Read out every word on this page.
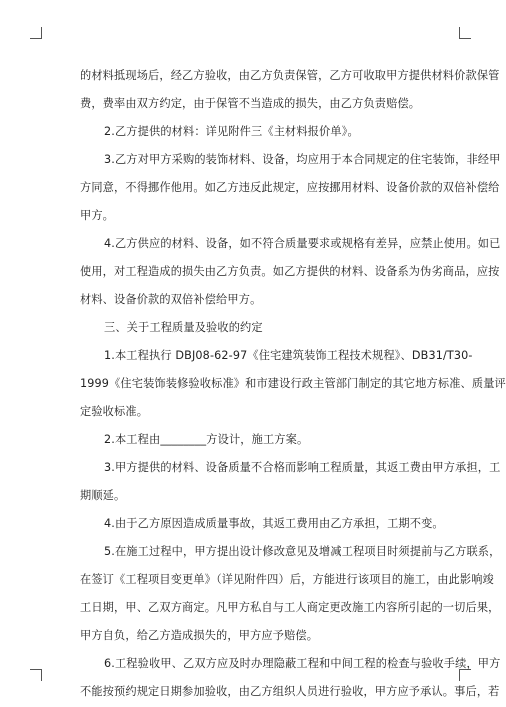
的材料抵现场后，经乙方验收，由乙方负责保管，乙方可收取甲方提供材料价款保管
费，费率由双方约定，由于保管不当造成的损失，由乙方负责赔偿。
2.乙方提供的材料：详见附件三《主材料报价单》。
3.乙方对甲方采购的装饰材料、设备，均应用于本合同规定的住宅装饰，非经甲
方同意，不得挪作他用。如乙方违反此规定，应按挪用材料、设备价款的双倍补偿给
甲方。
4.乙方供应的材料、设备，如不符合质量要求或规格有差异，应禁止使用。如已
使用，对工程造成的损失由乙方负责。如乙方提供的材料、设备系为伪劣商品，应按
材料、设备价款的双倍补偿给甲方。
三、关于工程质量及验收的约定
1.本工程执行 DBJ08-62-97《住宅建筑装饰工程技术规程》、DB31/T30-
1999《住宅装饰装修验收标准》和市建设行政主管部门制定的其它地方标准、质量评
定验收标准。
2.本工程由________方设计，施工方案。
3.甲方提供的材料、设备质量不合格而影响工程质量，其返工费由甲方承担，工
期顺延。
4.由于乙方原因造成质量事故，其返工费用由乙方承担，工期不变。
5.在施工过程中，甲方提出设计修改意见及增减工程项目时须提前与乙方联系，
在签订《工程项目变更单》（详见附件四）后，方能进行该项目的施工，由此影响竣
工日期，甲、乙双方商定。凡甲方私自与工人商定更改施工内容所引起的一切后果，
甲方自负，给乙方造成损失的，甲方应予赔偿。
6.工程验收甲、乙双方应及时办理隐蔽工程和中间工程的检查与验收手续，甲方
不能按预约规定日期参加验收，由乙方组织人员进行验收，甲方应予承认。事后，若
